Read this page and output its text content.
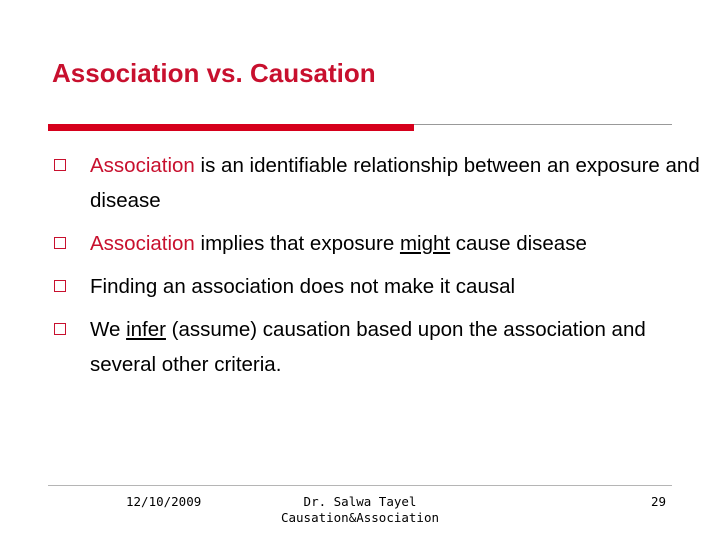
Association vs. Causation
Association is an identifiable relationship between an exposure and disease
Association implies that exposure might cause disease
Finding an association does not make it causal
We infer (assume) causation based upon the association and several other criteria.
12/10/2009	Dr. Salwa Tayel
Causation&Association
29
